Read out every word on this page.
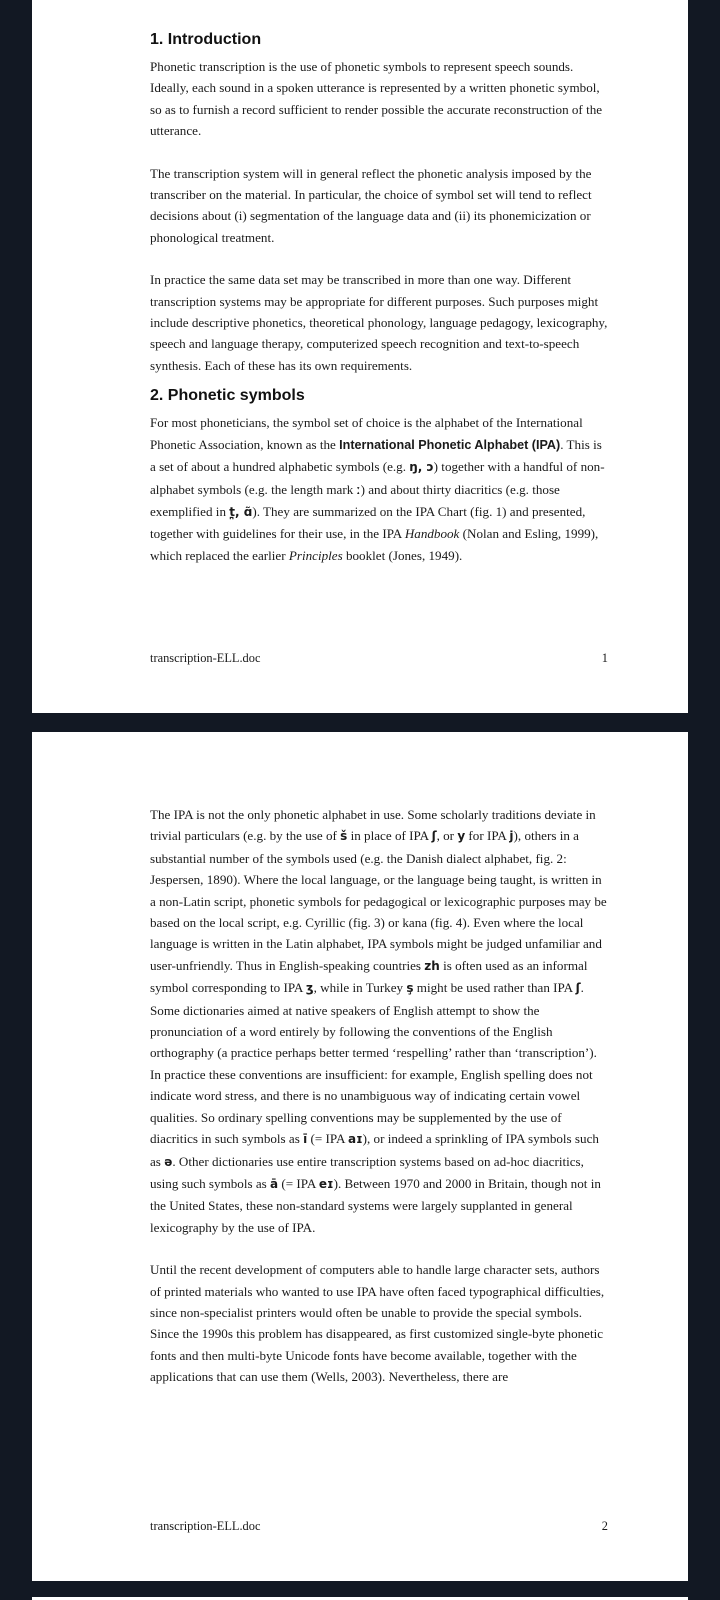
1. Introduction

Phonetic transcription is the use of phonetic symbols to represent speech sounds. Ideally, each sound in a spoken utterance is represented by a written phonetic symbol, so as to furnish a record sufficient to render possible the accurate reconstruction of the utterance.

The transcription system will in general reflect the phonetic analysis imposed by the transcriber on the material. In particular, the choice of symbol set will tend to reflect decisions about (i) segmentation of the language data and (ii) its phonemicization or phonological treatment.

In practice the same data set may be transcribed in more than one way. Different transcription systems may be appropriate for different purposes. Such purposes might include descriptive phonetics, theoretical phonology, language pedagogy, lexicography, speech and language therapy, computerized speech recognition and text-to-speech synthesis. Each of these has its own requirements.

2. Phonetic symbols

For most phoneticians, the symbol set of choice is the alphabet of the International Phonetic Association, known as the International Phonetic Alphabet (IPA). This is a set of about a hundred alphabetic symbols (e.g. ŋ, ɔ) together with a handful of non-alphabet symbols (e.g. the length mark ː) and about thirty diacritics (e.g. those exemplified in t̪, ɑ̃). They are summarized on the IPA Chart (fig. 1) and presented, together with guidelines for their use, in the IPA Handbook (Nolan and Esling, 1999), which replaced the earlier Principles booklet (Jones, 1949).

transcription-ELL.doc	1

The IPA is not the only phonetic alphabet in use. Some scholarly traditions deviate in trivial particulars (e.g. by the use of š in place of IPA ʃ, or y for IPA j), others in a substantial number of the symbols used (e.g. the Danish dialect alphabet, fig. 2: Jespersen, 1890). Where the local language, or the language being taught, is written in a non-Latin script, phonetic symbols for pedagogical or lexicographic purposes may be based on the local script, e.g. Cyrillic (fig. 3) or kana (fig. 4). Even where the local language is written in the Latin alphabet, IPA symbols might be judged unfamiliar and user-unfriendly. Thus in English-speaking countries zh is often used as an informal symbol corresponding to IPA ʒ, while in Turkey ş might be used rather than IPA ʃ. Some dictionaries aimed at native speakers of English attempt to show the pronunciation of a word entirely by following the conventions of the English orthography (a practice perhaps better termed ‘respelling’ rather than ‘transcription’). In practice these conventions are insufficient: for example, English spelling does not indicate word stress, and there is no unambiguous way of indicating certain vowel qualities. So ordinary spelling conventions may be supplemented by the use of diacritics in such symbols as ī (= IPA aɪ), or indeed a sprinkling of IPA symbols such as ə. Other dictionaries use entire transcription systems based on ad-hoc diacritics, using such symbols as ā (= IPA eɪ). Between 1970 and 2000 in Britain, though not in the United States, these non-standard systems were largely supplanted in general lexicography by the use of IPA.

Until the recent development of computers able to handle large character sets, authors of printed materials who wanted to use IPA have often faced typographical difficulties, since non-specialist printers would often be unable to provide the special symbols. Since the 1990s this problem has disappeared, as first customized single-byte phonetic fonts and then multi-byte Unicode fonts have become available, together with the applications that can use them (Wells, 2003). Nevertheless, there are

transcription-ELL.doc	2
